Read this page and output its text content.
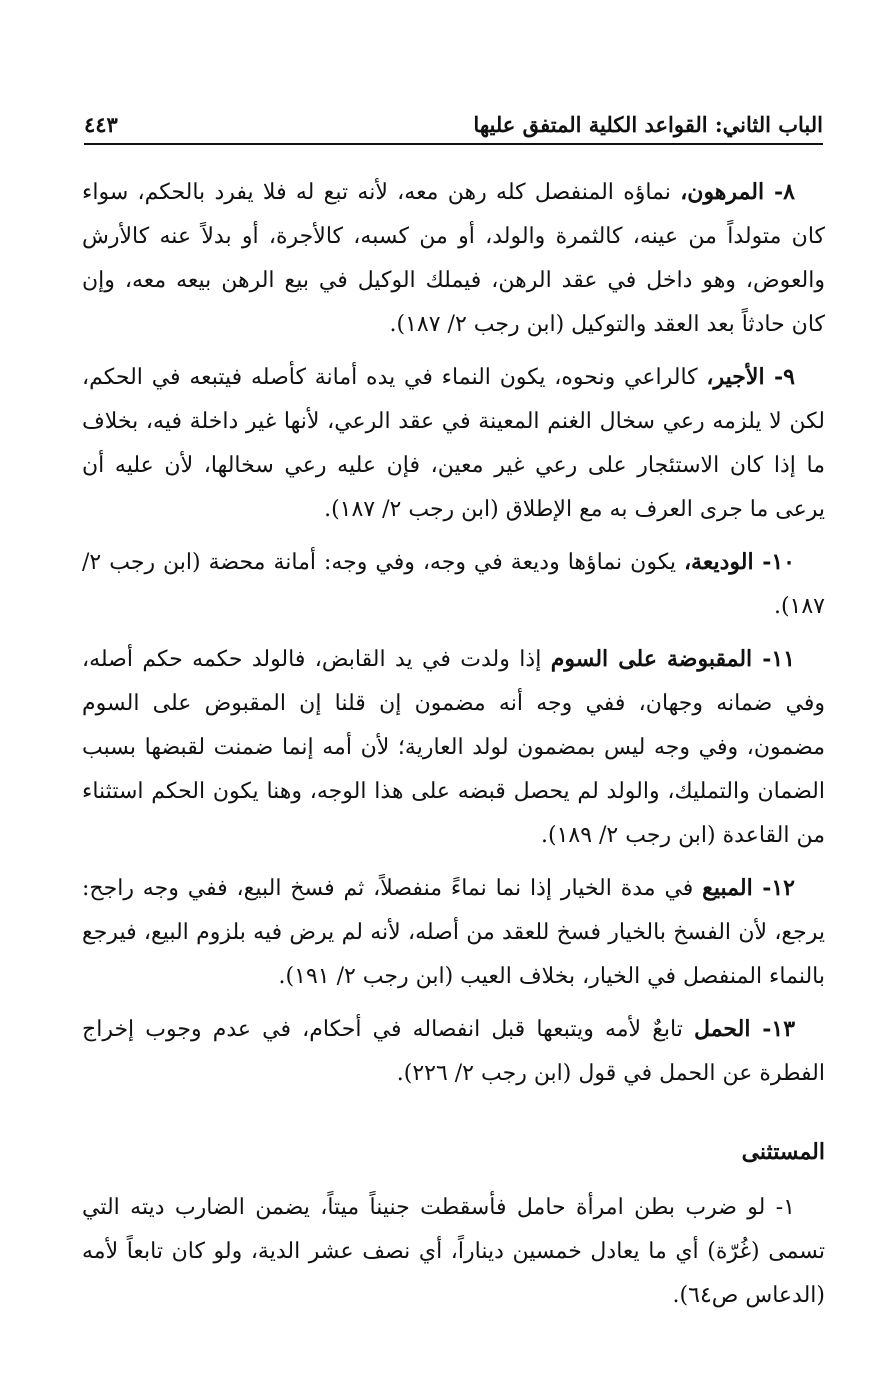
الباب الثاني: القواعد الكلية المتفق عليها
٤٤٣

٨- المرهون، نماؤه المنفصل كله رهن معه، لأنه تبع له فلا يفرد بالحكم، سواء كان متولداً من عينه، كالثمرة والولد، أو من كسبه، كالأجرة، أو بدلاً عنه كالأرش والعوض، وهو داخل في عقد الرهن، فيملك الوكيل في بيع الرهن بيعه معه، وإن كان حادثاً بعد العقد والتوكيل (ابن رجب ٢/ ١٨٧).

٩- الأجير، كالراعي ونحوه، يكون النماء في يده أمانة كأصله فيتبعه في الحكم، لكن لا يلزمه رعي سخال الغنم المعينة في عقد الرعي، لأنها غير داخلة فيه، بخلاف ما إذا كان الاستئجار على رعي غير معين، فإن عليه رعي سخالها، لأن عليه أن يرعى ما جرى العرف به مع الإطلاق (ابن رجب ٢/ ١٨٧).

١٠- الوديعة، يكون نماؤها وديعة في وجه، وفي وجه: أمانة محضة (ابن رجب ٢/ ١٨٧).

١١- المقبوضة على السوم إذا ولدت في يد القابض، فالولد حكمه حكم أصله، وفي ضمانه وجهان، ففي وجه أنه مضمون إن قلنا إن المقبوض على السوم مضمون، وفي وجه ليس بمضمون لولد العارية؛ لأن أمه إنما ضمنت لقبضها بسبب الضمان والتمليك، والولد لم يحصل قبضه على هذا الوجه، وهنا يكون الحكم استثناء من القاعدة (ابن رجب ٢/ ١٨٩).

١٢- المبيع في مدة الخيار إذا نما نماءً منفصلاً، ثم فسخ البيع، ففي وجه راجح: يرجع، لأن الفسخ بالخيار فسخ للعقد من أصله، لأنه لم يرض فيه بلزوم البيع، فيرجع بالنماء المنفصل في الخيار، بخلاف العيب (ابن رجب ٢/ ١٩١).

١٣- الحمل تابعٌ لأمه ويتبعها قبل انفصاله في أحكام، في عدم وجوب إخراج الفطرة عن الحمل في قول (ابن رجب ٢/ ٢٢٦).

المستثنى

١- لو ضرب بطن امرأة حامل فأسقطت جنيناً ميتاً، يضمن الضارب ديته التي تسمى (غُرّة) أي ما يعادل خمسين ديناراً، أي نصف عشر الدية، ولو كان تابعاً لأمه (الدعاس ص٦٤).
